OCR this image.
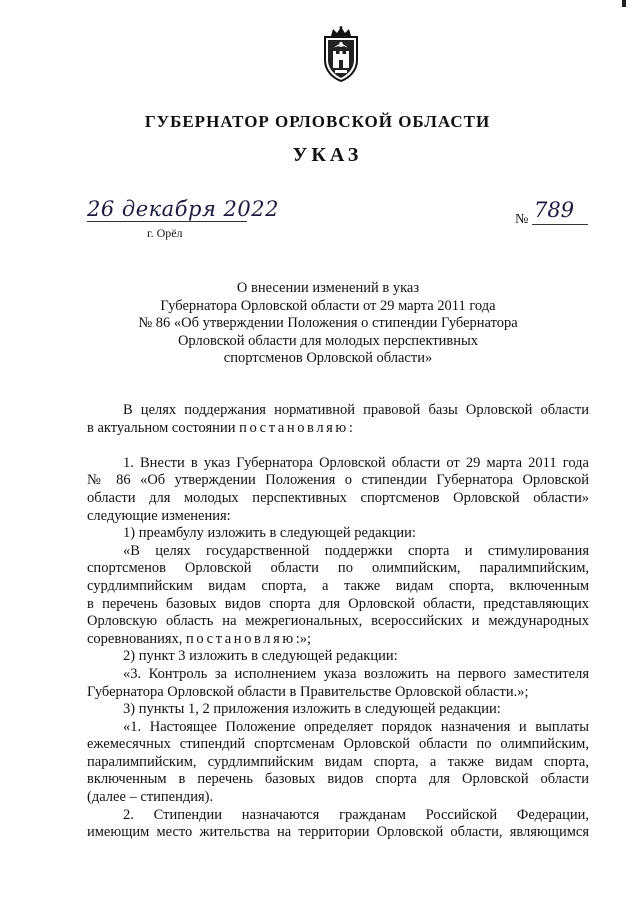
ГУБЕРНАТОР ОРЛОВСКОЙ ОБЛАСТИ
УКАЗ
26 декабря 2022
г. Орёл
№ 789
О внесении изменений в указ
Губернатора Орловской области от 29 марта 2011 года
№ 86 «Об утверждении Положения о стипендии Губернатора
Орловской области для молодых перспективных
спортсменов Орловской области»
В целях поддержания нормативной правовой базы Орловской области
в актуальном состоянии постановляю:
1. Внести в указ Губернатора Орловской области от 29 марта 2011 года
№ 86 «Об утверждении Положения о стипендии Губернатора Орловской
области для молодых перспективных спортсменов Орловской области»
следующие изменения:
1) преамбулу изложить в следующей редакции:
«В целях государственной поддержки спорта и стимулирования
спортсменов Орловской области по олимпийским, паралимпийским,
сурдлимпийским видам спорта, а также видам спорта, включенным
в перечень базовых видов спорта для Орловской области, представляющих
Орловскую область на межрегиональных, всероссийских и международных
соревнованиях, постановляю:»;
2) пункт 3 изложить в следующей редакции:
«3. Контроль за исполнением указа возложить на первого заместителя
Губернатора Орловской области в Правительстве Орловской области.»;
3) пункты 1, 2 приложения изложить в следующей редакции:
«1. Настоящее Положение определяет порядок назначения и выплаты
ежемесячных стипендий спортсменам Орловской области по олимпийским,
паралимпийским, сурдлимпийским видам спорта, а также видам спорта,
включенным в перечень базовых видов спорта для Орловской области
(далее – стипендия).
2. Стипендии назначаются гражданам Российской Федерации,
имеющим место жительства на территории Орловской области, являющимся
